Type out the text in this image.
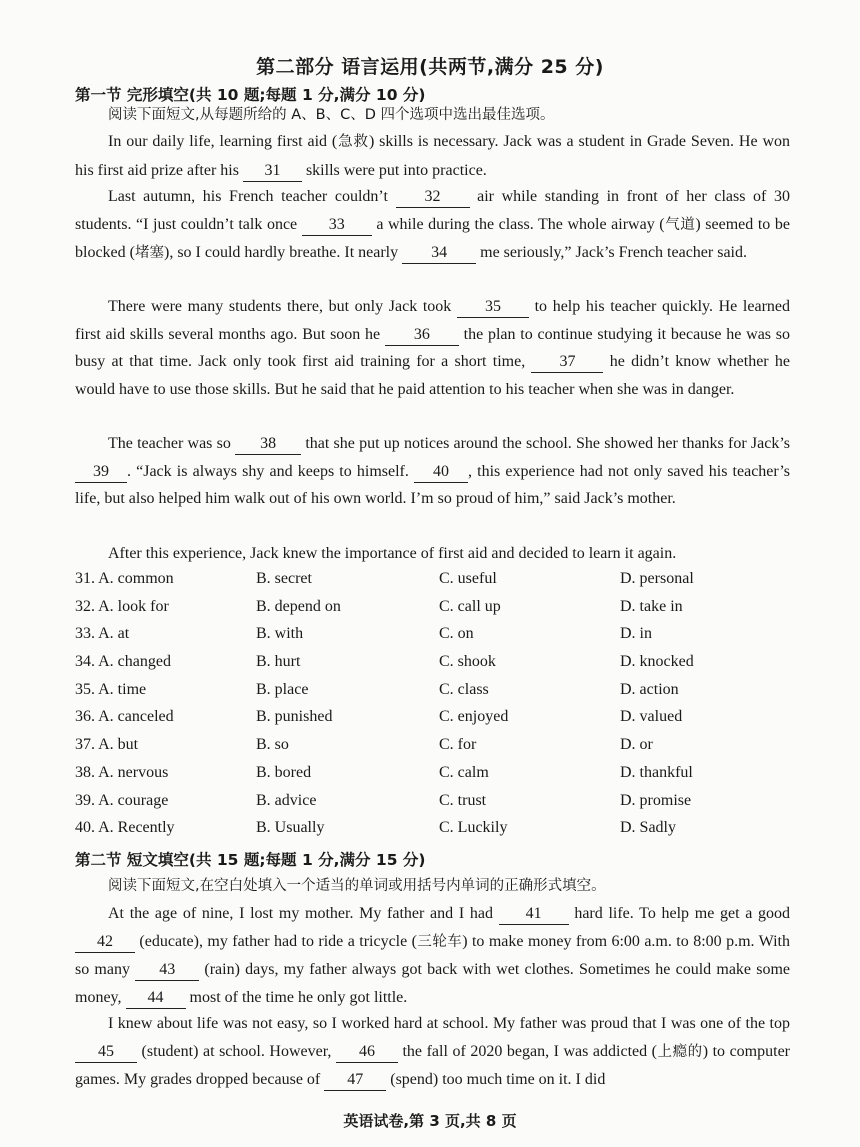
第二部分 语言运用(共两节,满分 25 分)
第一节 完形填空(共 10 题;每题 1 分,满分 10 分)
阅读下面短文,从每题所给的 A、B、C、D 四个选项中选出最佳选项。
In our daily life, learning first aid (急救) skills is necessary. Jack was a student in Grade Seven. He won his first aid prize after his 31 skills were put into practice.
Last autumn, his French teacher couldn’t 32 air while standing in front of her class of 30 students. “I just couldn’t talk once 33 a while during the class. The whole airway (气道) seemed to be blocked (堵塞), so I could hardly breathe. It nearly 34 me seriously,” Jack’s French teacher said.
There were many students there, but only Jack took 35 to help his teacher quickly. He learned first aid skills several months ago. But soon he 36 the plan to continue studying it because he was so busy at that time. Jack only took first aid training for a short time, 37 he didn’t know whether he would have to use those skills. But he said that he paid attention to his teacher when she was in danger.
The teacher was so 38 that she put up notices around the school. She showed her thanks for Jack’s 39 . “Jack is always shy and keeps to himself. 40 , this experience had not only saved his teacher’s life, but also helped him walk out of his own world. I’m so proud of him,” said Jack’s mother.
After this experience, Jack knew the importance of first aid and decided to learn it again.
31. A. common	B. secret	C. useful	D. personal
32. A. look for	B. depend on	C. call up	D. take in
33. A. at	B. with	C. on	D. in
34. A. changed	B. hurt	C. shook	D. knocked
35. A. time	B. place	C. class	D. action
36. A. canceled	B. punished	C. enjoyed	D. valued
37. A. but	B. so	C. for	D. or
38. A. nervous	B. bored	C. calm	D. thankful
39. A. courage	B. advice	C. trust	D. promise
40. A. Recently	B. Usually	C. Luckily	D. Sadly
第二节 短文填空(共 15 题;每题 1 分,满分 15 分)
阅读下面短文,在空白处填入一个适当的单词或用括号内单词的正确形式填空。
At the age of nine, I lost my mother. My father and I had 41 hard life. To help me get a good 42 (educate), my father had to ride a tricycle (三轮车) to make money from 6:00 a.m. to 8:00 p.m. With so many 43 (rain) days, my father always got back with wet clothes. Sometimes he could make some money, 44 most of the time he only got little.
I knew about life was not easy, so I worked hard at school. My father was proud that I was one of the top 45 (student) at school. However, 46 the fall of 2020 began, I was addicted (上瘾的) to computer games. My grades dropped because of 47 (spend) too much time on it. I did
英语试卷,第 3 页,共 8 页
